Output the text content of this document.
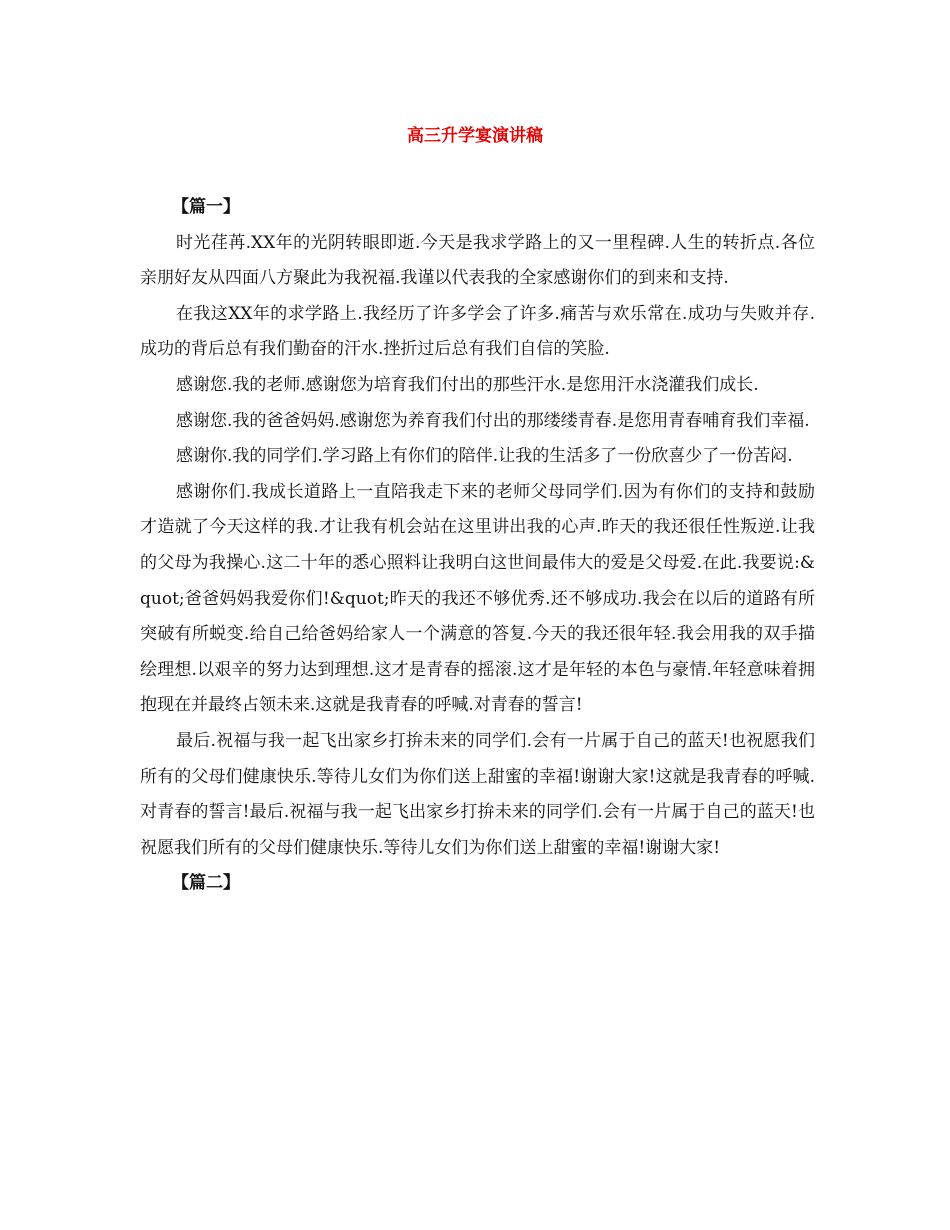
高三升学宴演讲稿

【篇一】

时光荏苒.XX年的光阴转眼即逝.今天是我求学路上的又一里程碑.人生的转折点.各位亲朋好友从四面八方聚此为我祝福.我谨以代表我的全家感谢你们的到来和支持.

在我这XX年的求学路上.我经历了许多学会了许多.痛苦与欢乐常在.成功与失败并存.成功的背后总有我们勤奋的汗水.挫折过后总有我们自信的笑脸.

感谢您.我的老师.感谢您为培育我们付出的那些汗水.是您用汗水浇灌我们成长.

感谢您.我的爸爸妈妈.感谢您为养育我们付出的那缕缕青春.是您用青春哺育我们幸福.

感谢你.我的同学们.学习路上有你们的陪伴.让我的生活多了一份欣喜少了一份苦闷.

感谢你们.我成长道路上一直陪我走下来的老师父母同学们.因为有你们的支持和鼓励才造就了今天这样的我.才让我有机会站在这里讲出我的心声.昨天的我还很任性叛逆.让我的父母为我操心.这二十年的悉心照料让我明白这世间最伟大的爱是父母爱.在此.我要说:&quot;爸爸妈妈我爱你们!&quot;昨天的我还不够优秀.还不够成功.我会在以后的道路有所突破有所蜕变.给自己给爸妈给家人一个满意的答复.今天的我还很年轻.我会用我的双手描绘理想.以艰辛的努力达到理想.这才是青春的摇滚.这才是年轻的本色与豪情.年轻意味着拥抱现在并最终占领未来.这就是我青春的呼喊.对青春的誓言!

最后.祝福与我一起飞出家乡打拚未来的同学们.会有一片属于自己的蓝天!也祝愿我们所有的父母们健康快乐.等待儿女们为你们送上甜蜜的幸福!谢谢大家!这就是我青春的呼喊.对青春的誓言!最后.祝福与我一起飞出家乡打拚未来的同学们.会有一片属于自己的蓝天!也祝愿我们所有的父母们健康快乐.等待儿女们为你们送上甜蜜的幸福!谢谢大家!

【篇二】
